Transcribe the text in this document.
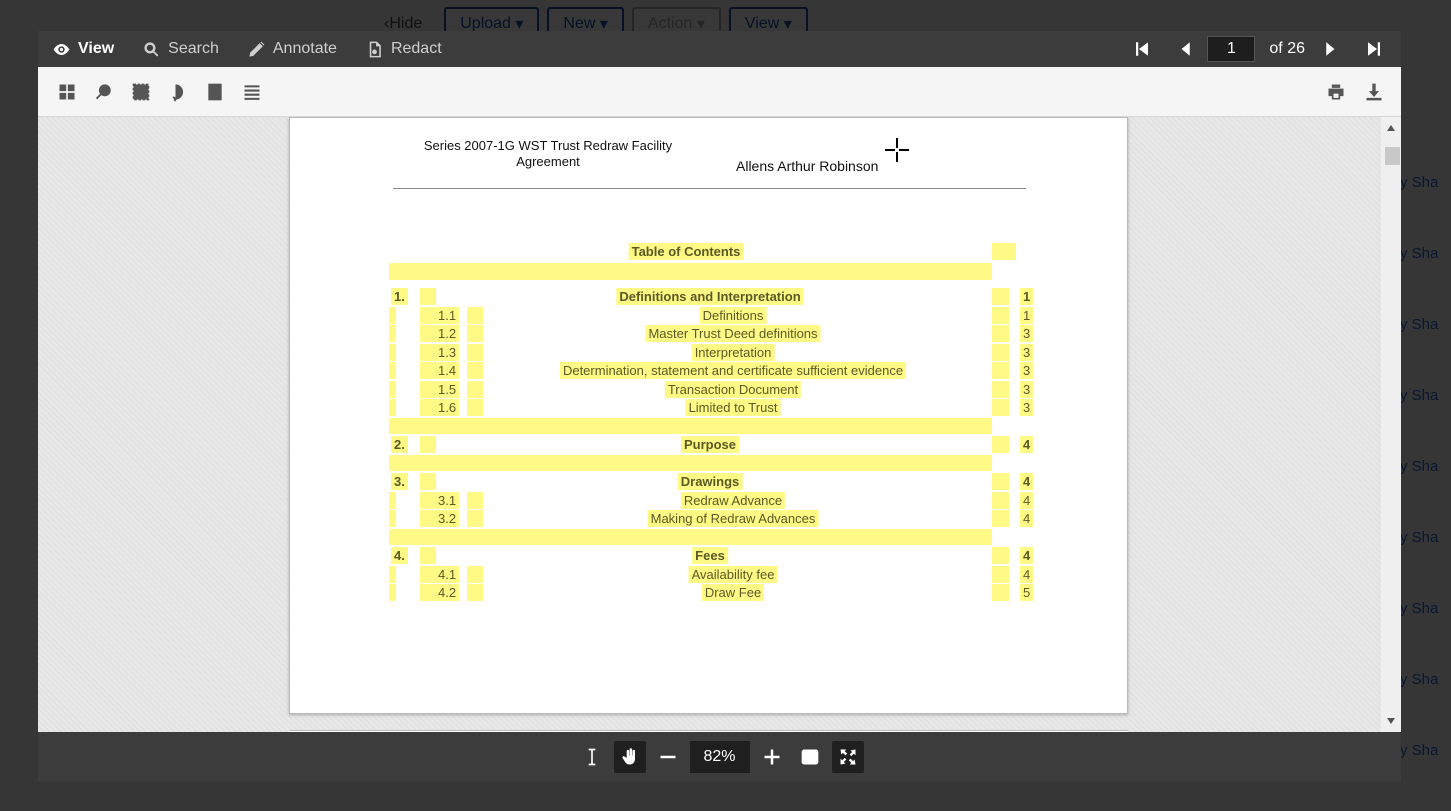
View	Search	Annotate	Redact
1	of 26
Series 2007-1G WST Trust Redraw Facility Agreement	Allens Arthur Robinson
Table of Contents
1.	Definitions and Interpretation	1
1.1	Definitions	1
1.2	Master Trust Deed definitions	3
1.3	Interpretation	3
1.4	Determination, statement and certificate sufficient evidence	3
1.5	Transaction Document	3
1.6	Limited to Trust	3
2.	Purpose	4
3.	Drawings	4
3.1	Redraw Advance	4
3.2	Making of Redraw Advances	4
4.	Fees	4
4.1	Availability fee	4
4.2	Draw Fee	5
82%
